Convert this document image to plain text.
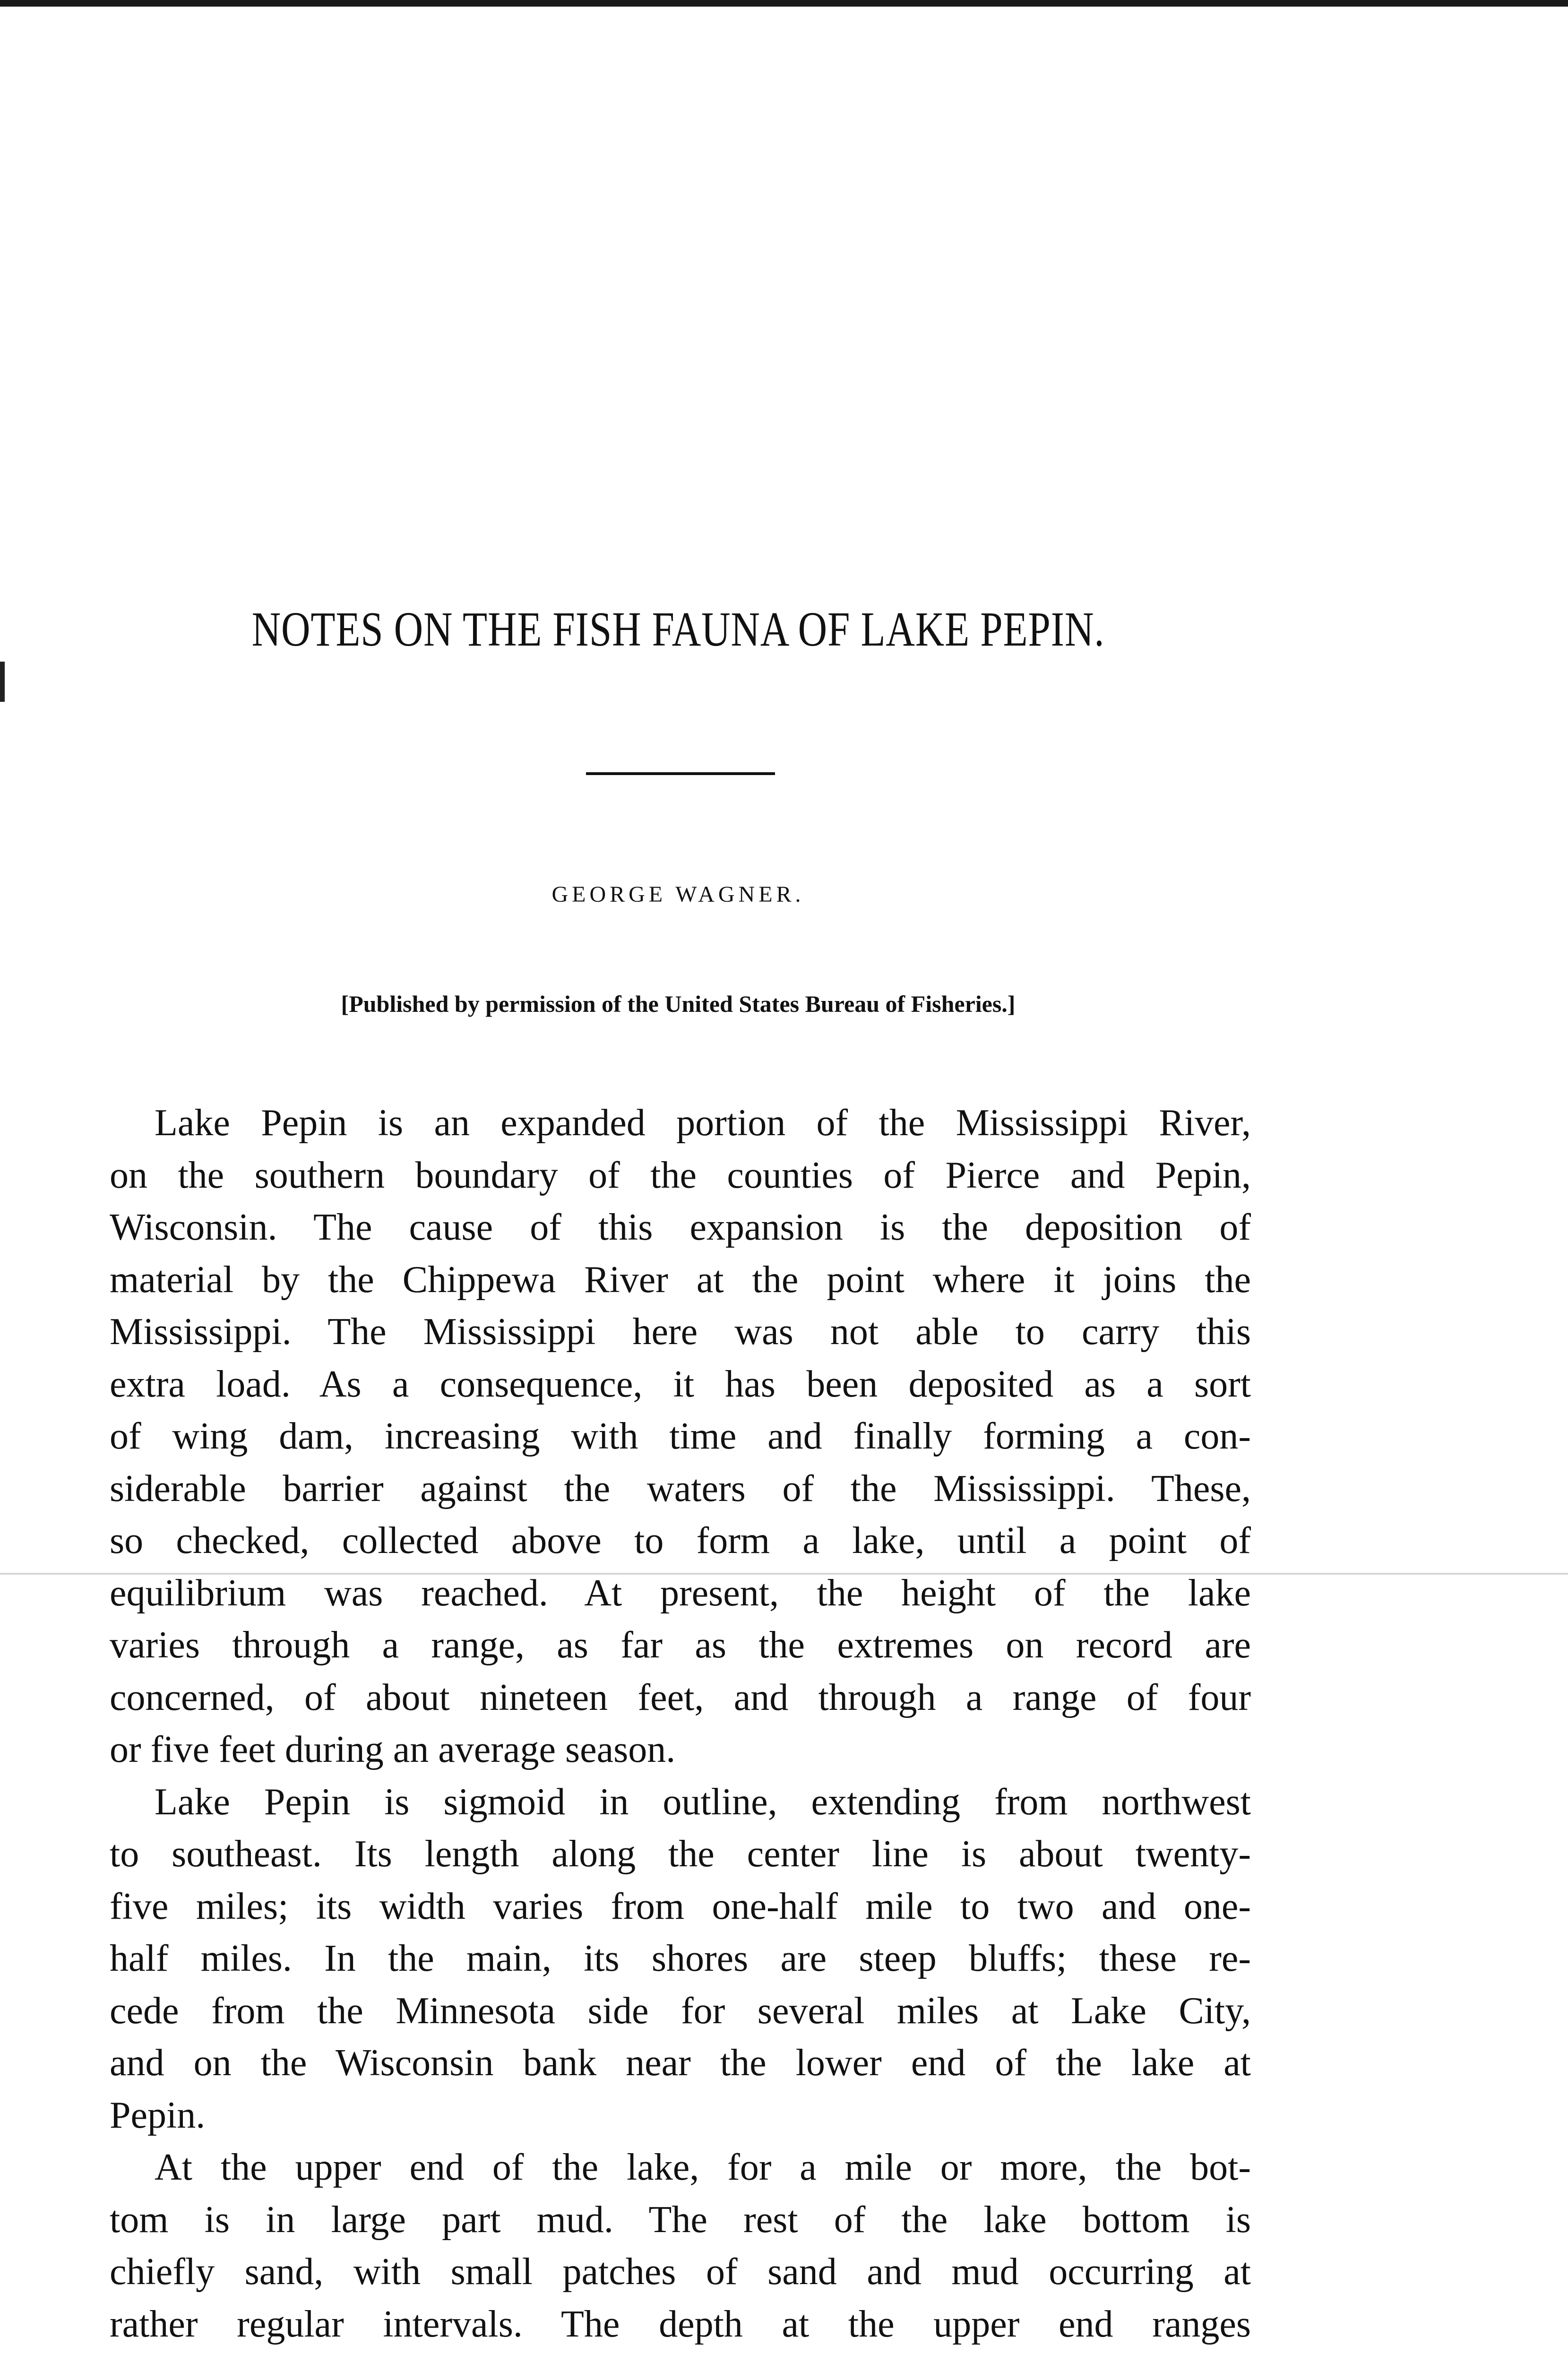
NOTES ON THE FISH FAUNA OF LAKE PEPIN.
GEORGE WAGNER.
[Published by permission of the United States Bureau of Fisheries.]
Lake Pepin is an expanded portion of the Mississippi River,
on the southern boundary of the counties of Pierce and Pepin,
Wisconsin. The cause of this expansion is the deposition of
material by the Chippewa River at the point where it joins the
Mississippi. The Mississippi here was not able to carry this
extra load. As a consequence, it has been deposited as a sort
of wing dam, increasing with time and finally forming a con-
siderable barrier against the waters of the Mississippi. These,
so checked, collected above to form a lake, until a point of
equilibrium was reached. At present, the height of the lake
varies through a range, as far as the extremes on record are
concerned, of about nineteen feet, and through a range of four
or five feet during an average season.
Lake Pepin is sigmoid in outline, extending from northwest
to southeast. Its length along the center line is about twenty-
five miles; its width varies from one-half mile to two and one-
half miles. In the main, its shores are steep bluffs; these re-
cede from the Minnesota side for several miles at Lake City,
and on the Wisconsin bank near the lower end of the lake at
Pepin.
At the upper end of the lake, for a mile or more, the bot-
tom is in large part mud. The rest of the lake bottom is
chiefly sand, with small patches of sand and mud occurring at
rather regular intervals. The depth at the upper end ranges
